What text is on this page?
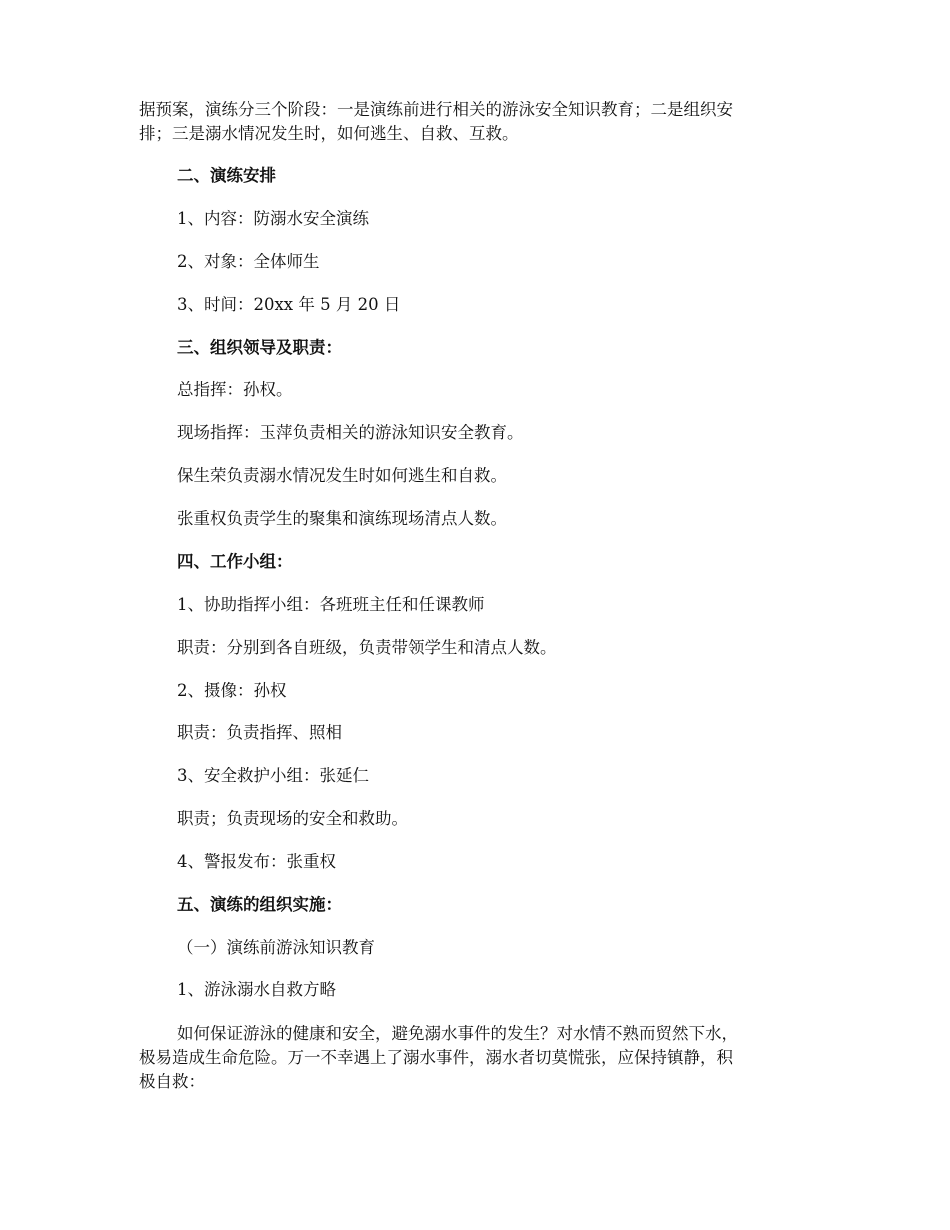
据预案，演练分三个阶段：一是演练前进行相关的游泳安全知识教育；二是组织安
排；三是溺水情况发生时，如何逃生、自救、互救。
二、演练安排
1、内容：防溺水安全演练
2、对象：全体师生
3、时间：20xx 年 5 月 20 日
三、组织领导及职责：
总指挥：孙权。
现场指挥：玉萍负责相关的游泳知识安全教育。
保生荣负责溺水情况发生时如何逃生和自救。
张重权负责学生的聚集和演练现场清点人数。
四、工作小组：
1、协助指挥小组：各班班主任和任课教师
职责：分别到各自班级，负责带领学生和清点人数。
2、摄像：孙权
职责：负责指挥、照相
3、安全救护小组：张延仁
职责；负责现场的安全和救助。
4、警报发布：张重权
五、演练的组织实施：
（一）演练前游泳知识教育
1、游泳溺水自救方略
如何保证游泳的健康和安全，避免溺水事件的发生？对水情不熟而贸然下水，
极易造成生命危险。万一不幸遇上了溺水事件，溺水者切莫慌张，应保持镇静，积
极自救：
